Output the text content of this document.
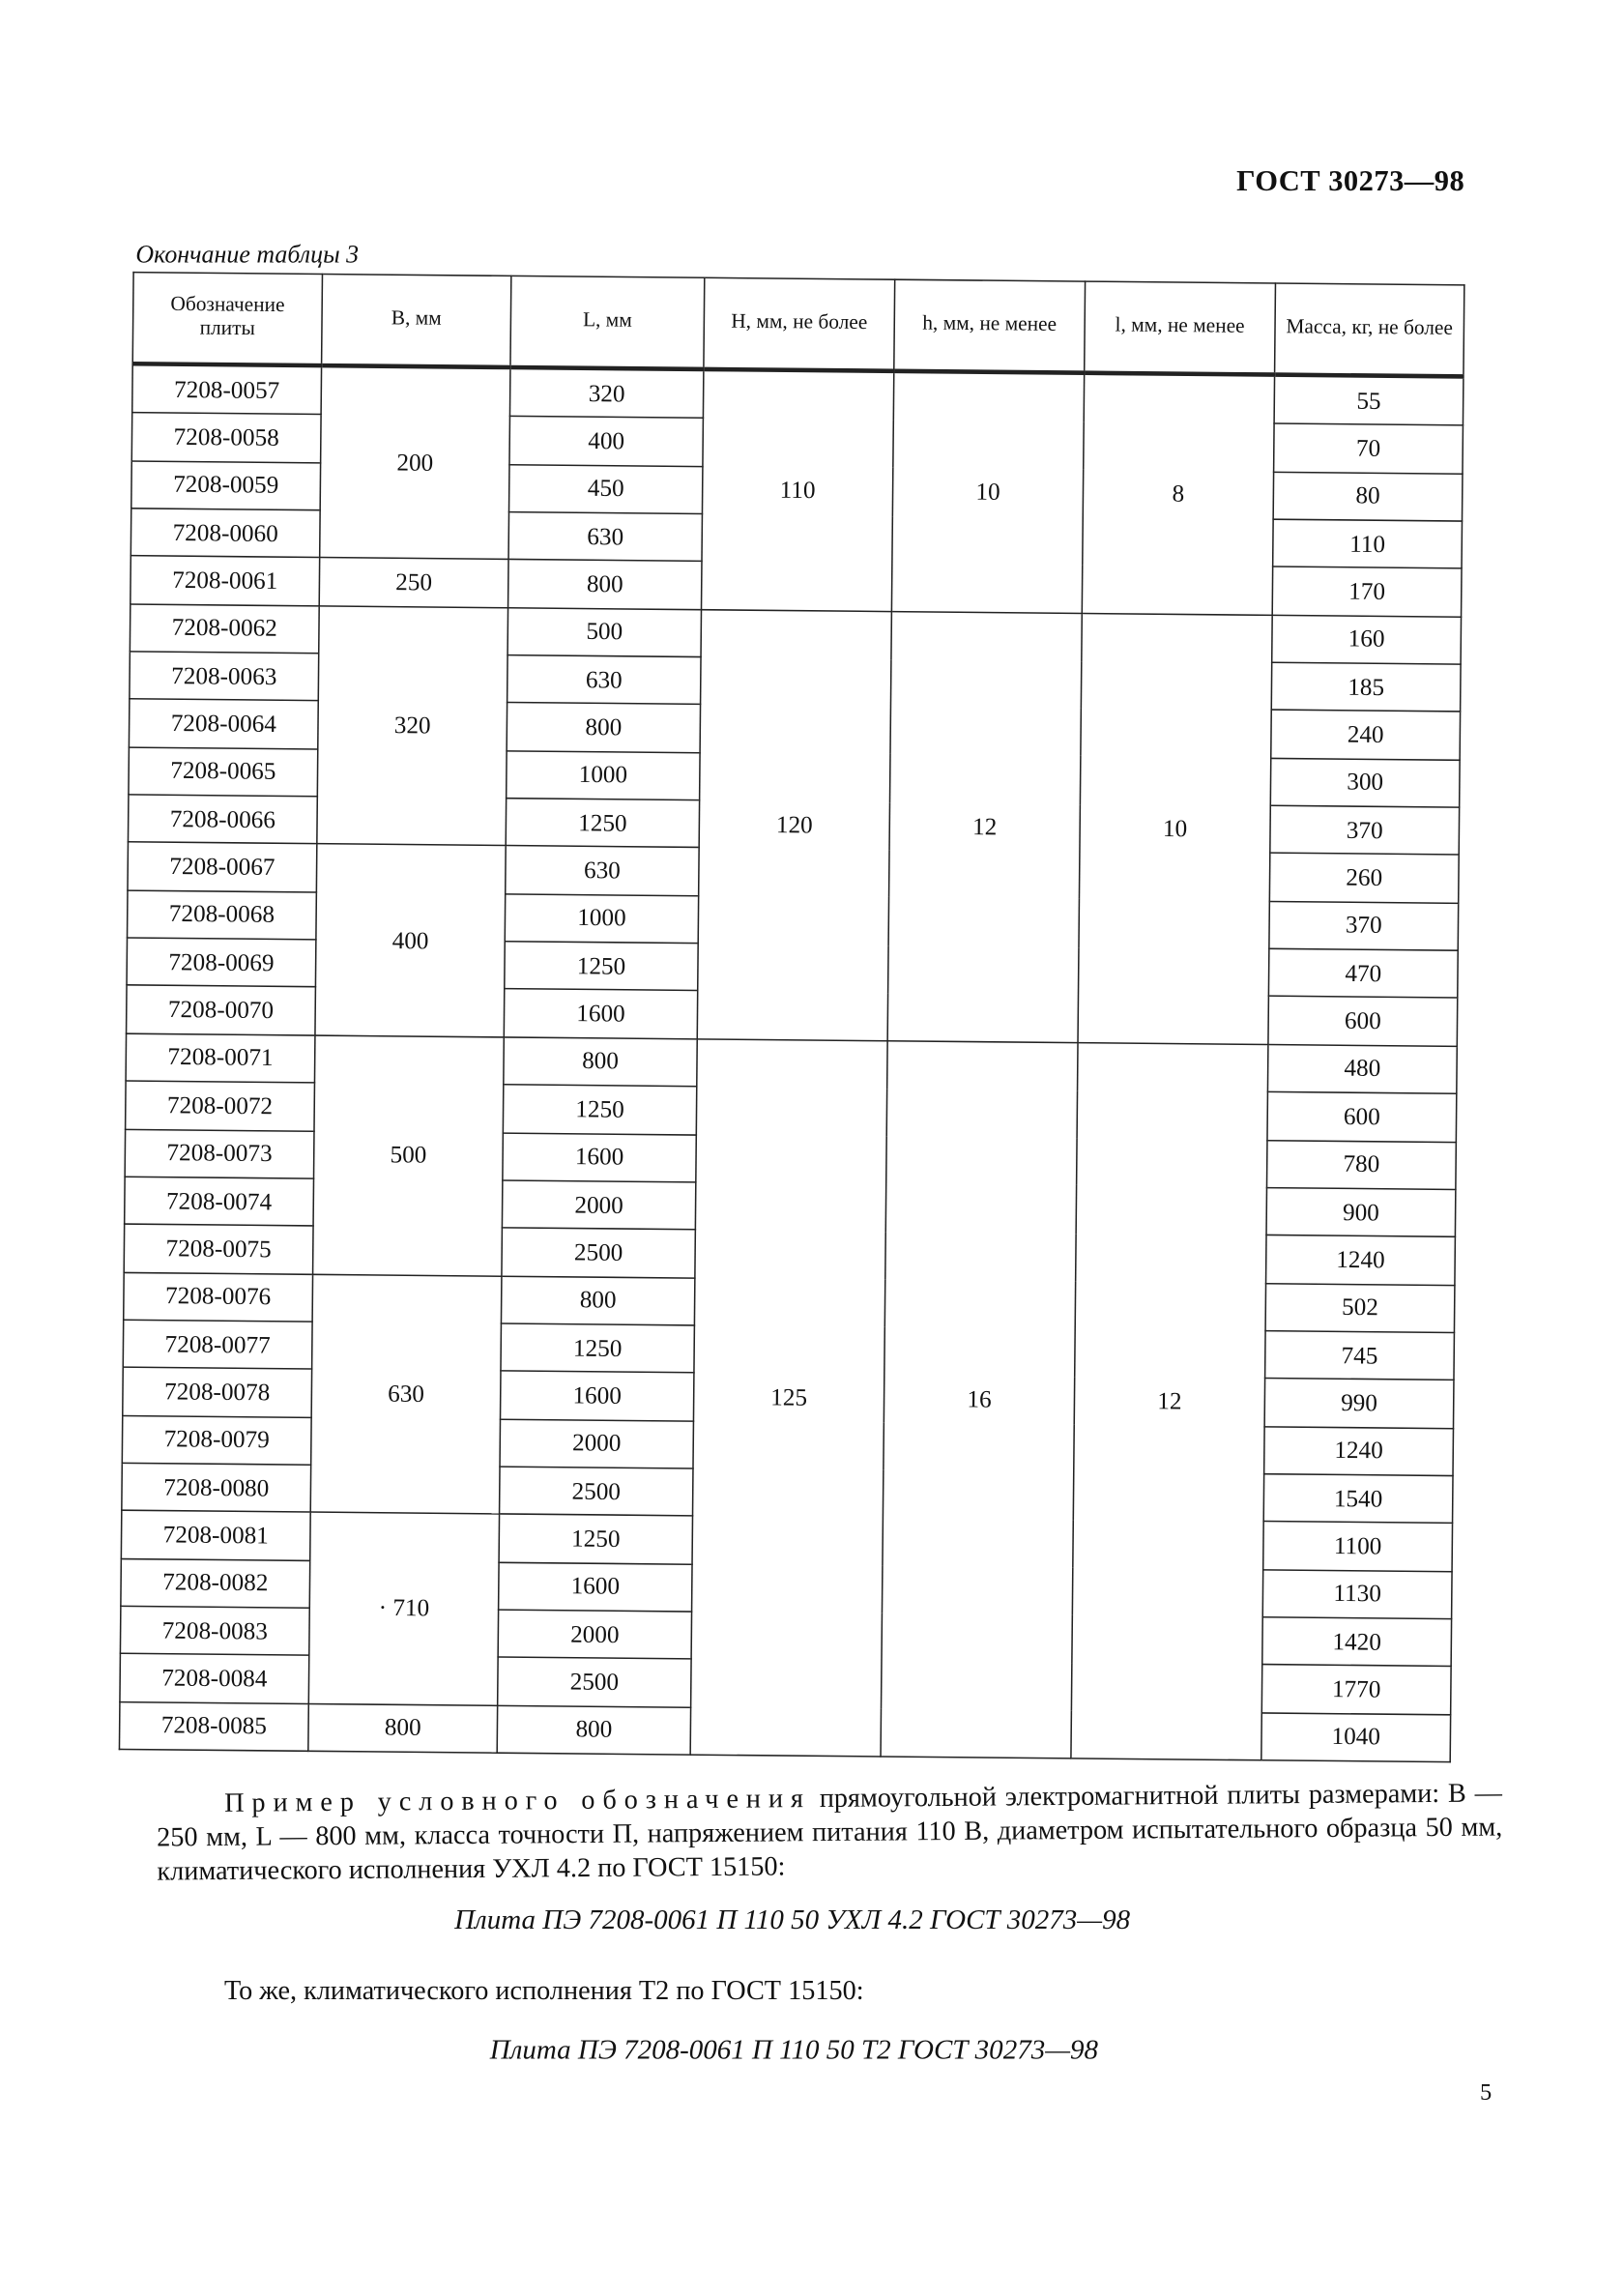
ГОСТ 30273—98
Окончание таблцы 3
Обозначение плиты	B, мм	L, мм	H, мм, не более	h, мм, не менее	l, мм, не менее	Масса, кг, не более
7208-0057	200	320	110	10	8	55
7208-0058		400				70
7208-0059		450				80
7208-0060		630				110
7208-0061	250	800				170
7208-0062	320	500	120	12	10	160
7208-0063		630				185
7208-0064		800				240
7208-0065		1000				300
7208-0066		1250				370
7208-0067	400	630				260
7208-0068		1000				370
7208-0069		1250				470
7208-0070		1600				600
7208-0071	500	800	125	16	12	480
7208-0072		1250				600
7208-0073		1600				780
7208-0074		2000				900
7208-0075		2500				1240
7208-0076	630	800				502
7208-0077		1250				745
7208-0078		1600				990
7208-0079		2000				1240
7208-0080		2500				1540
7208-0081	· 710	1250				1100
7208-0082		1600				1130
7208-0083		2000				1420
7208-0084		2500				1770
7208-0085	800	800				1040
Пример условного обозначения прямоугольной электромагнитной плиты размерами: B — 250 мм, L — 800 мм, класса точности П, напряжением питания 110 В, диаметром испытательного образца 50 мм, климатического исполнения УХЛ 4.2 по ГОСТ 15150:
Плита ПЭ 7208-0061 П 110 50 УХЛ 4.2 ГОСТ 30273—98
То же, климатического исполнения Т2 по ГОСТ 15150:
Плита ПЭ 7208-0061 П 110 50 Т2 ГОСТ 30273—98
5
